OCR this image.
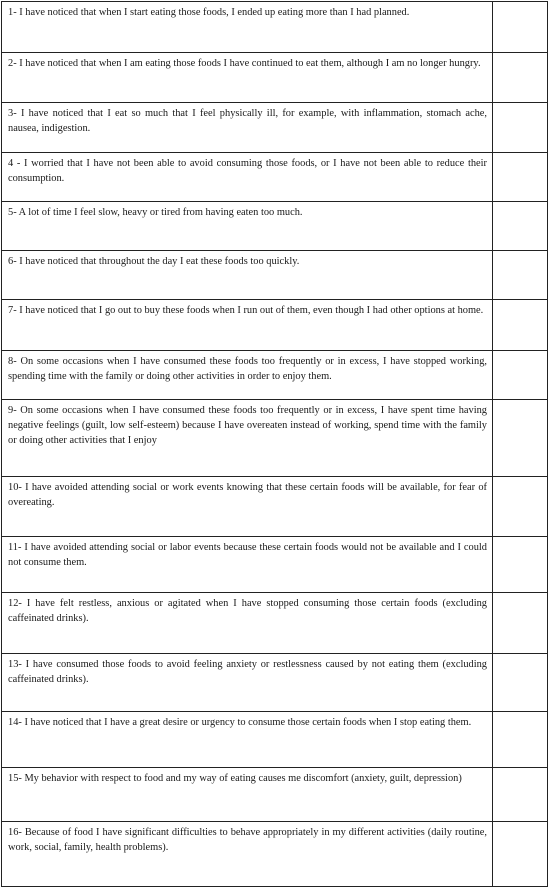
1- I have noticed that when I start eating those foods, I ended up eating more than I had planned.	
2- I have noticed that when I am eating those foods I have continued to eat them, although I am no longer hungry.	
3- I have noticed that I eat so much that I feel physically ill, for example, with inflammation, stomach ache, nausea, indigestion.	
4 - I worried that I have not been able to avoid consuming those foods, or I have not been able to reduce their consumption.	
5- A lot of time I feel slow, heavy or tired from having eaten too much.	
6- I have noticed that throughout the day I eat these foods too quickly.	
7- I have noticed that I go out to buy these foods when I run out of them, even though I had other options at home.	
8- On some occasions when I have consumed these foods too frequently or in excess, I have stopped working, spending time with the family or doing other activities in order to enjoy them.	
9- On some occasions when I have consumed these foods too frequently or in excess, I have spent time having negative feelings (guilt, low self-esteem) because I have overeaten instead of working, spend time with the family or doing other activities that I enjoy	
10- I have avoided attending social or work events knowing that these certain foods will be available, for fear of overeating.	
11- I have avoided attending social or labor events because these certain foods would not be available and I could not consume them.	
12- I have felt restless, anxious or agitated when I have stopped consuming those certain foods (excluding caffeinated drinks).	
13- I have consumed those foods to avoid feeling anxiety or restlessness caused by not eating them (excluding caffeinated drinks).	
14- I have noticed that I have a great desire or urgency to consume those certain foods when I stop eating them.	
15- My behavior with respect to food and my way of eating causes me discomfort (anxiety, guilt, depression)	
16- Because of food I have significant difficulties to behave appropriately in my different activities (daily routine, work, social, family, health problems).	
